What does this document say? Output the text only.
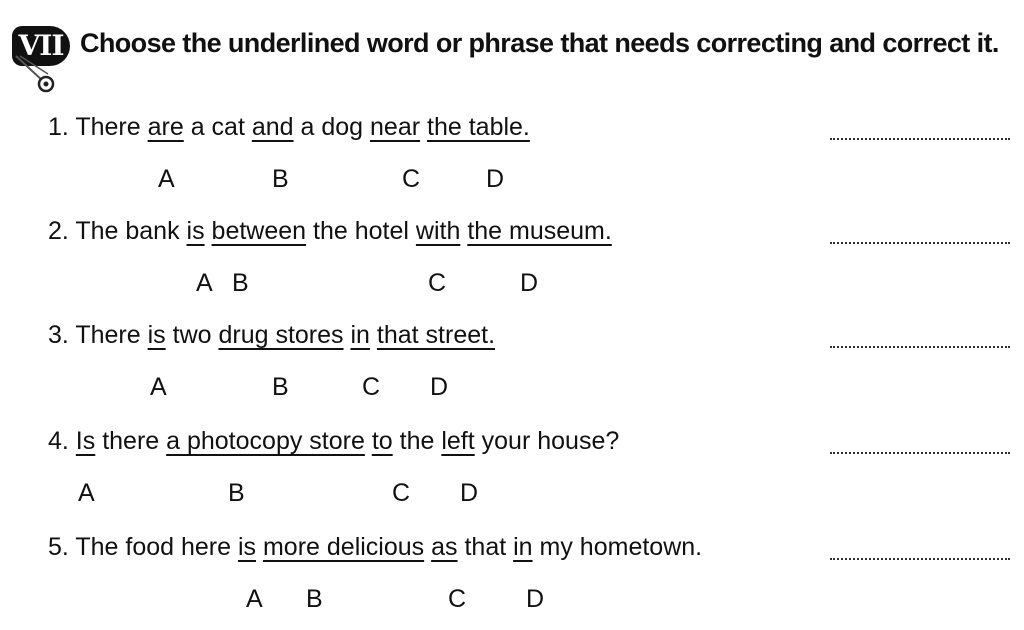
VII Choose the underlined word or phrase that needs correcting and correct it.
1. There are a cat and a dog near the table.
A	B	C	D
2. The bank is between the hotel with the museum.
A B	C	D
3. There is two drug stores in that street.
A	B	C D
4. Is there a photocopy store to the left your house?
A	B	C D
5. The food here is more delicious as that in my hometown.
A B	C D
